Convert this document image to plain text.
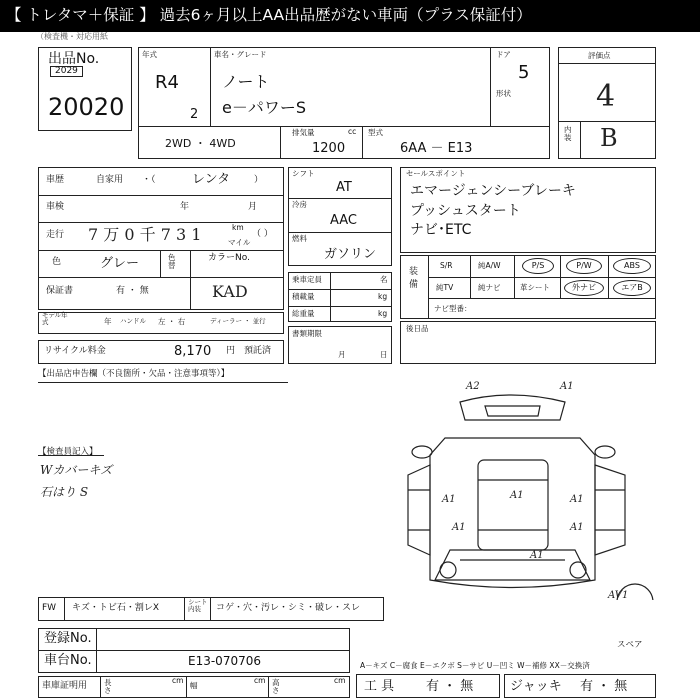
【 トレタマ＋保証 】 過去6ヶ月以上AA出品歴がない車両（プラス保証付）
（検査機・対応用紙
出品No.
2029
20020
年式
R4
2
車名・グレード
ノート
e－パワーS
ドア
5
形状
2WD ・ 4WD
排気量	cc
1200
型式
6AA － E13
評価点
4
内装 B
車歴	自家用 ・（	レンタ	）
車検	年	月
走行 7 万 0 千 7 3 1	km
マイル
（ ）
色	グレー	色替
カラーNo.
保証書	有 ・ 無	KAD
モデル年式	年 ハンドル 左 ・ 右	ディーラー ・ 並行
リサイクル料金	8,170 円 預託済
シフト
AT
冷房
AAC
燃料
ガソリン
乗車定員	名
積載量	kg
総重量	kg
書類期限
月	日
セールスポイント
エマージェンシーブレーキ
プッシュスタート
ナビ･ETC
装備
S/R	純A/W	P/S	P/W	ABS
純TV	純ナビ	革シート	外ナビ	エアB
ナビ型番：
後日品
【出品店申告欄（不良箇所・欠品・注意事項等）】
【検査員記入】
Wカバーキズ
石はり S
A2	A1
A1	A1	A1
A1	A1
A1
AV1
スペア
FW キズ・トビ石・割レX
シート内装	コゲ・穴・汚レ・シミ・破レ・スレ
登録No.
車台No.	E13-070706
車庫証明用 長さ
cm
幅
cm 高さ
cm
A－キズ C－腐食 E－エクボ S－サビ U－凹ミ W－補修 XX－交換済
工 具 有 ・ 無	ジャッキ 有 ・ 無
